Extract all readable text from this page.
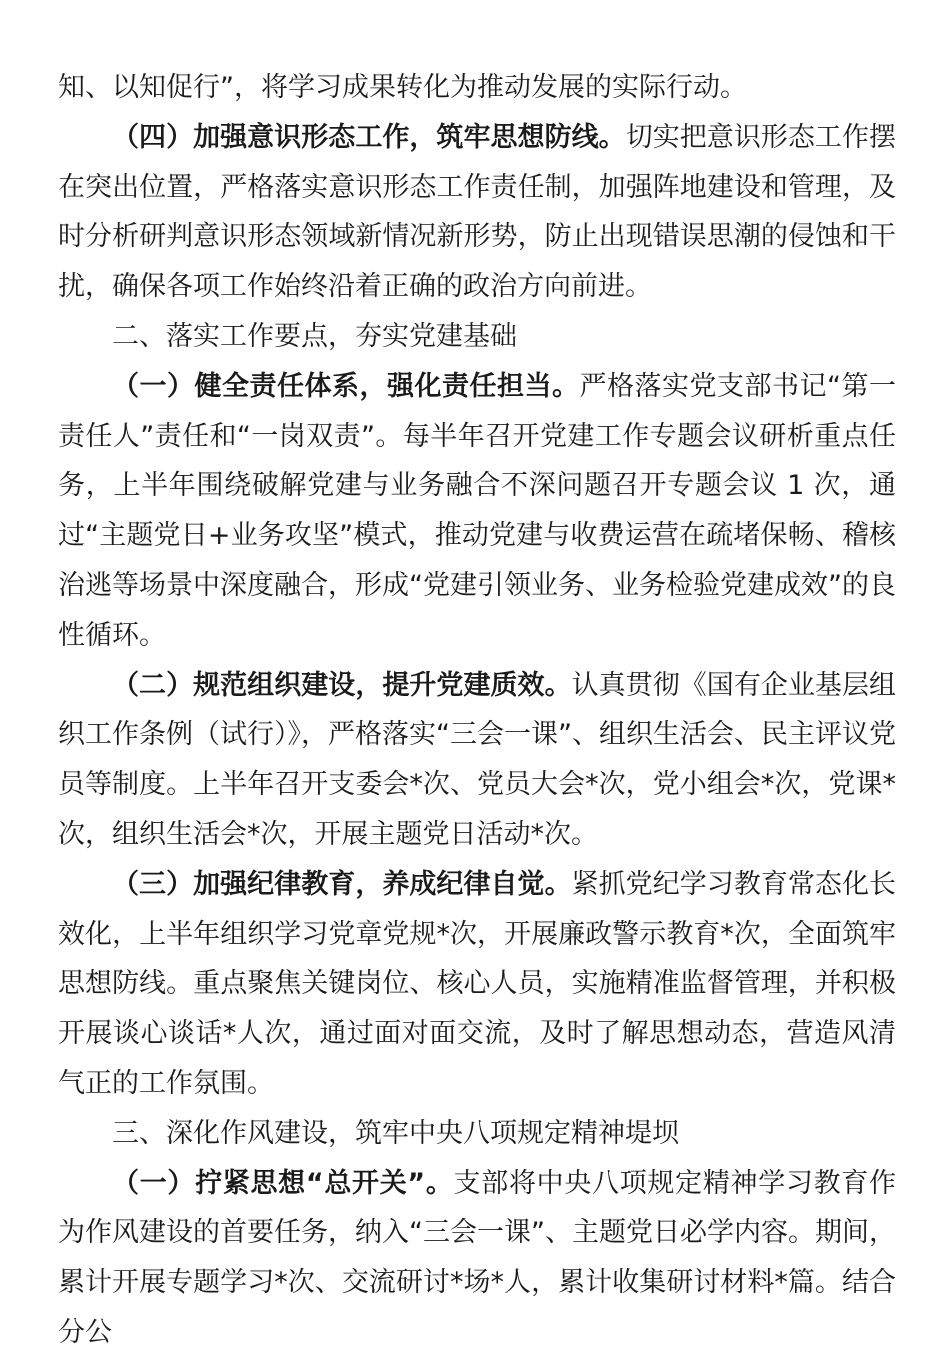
知、以知促行”，将学习成果转化为推动发展的实际行动。

（四）加强意识形态工作，筑牢思想防线。切实把意识形态工作摆在突出位置，严格落实意识形态工作责任制，加强阵地建设和管理，及时分析研判意识形态领域新情况新形势，防止出现错误思潮的侵蚀和干扰，确保各项工作始终沿着正确的政治方向前进。

二、落实工作要点，夯实党建基础

（一）健全责任体系，强化责任担当。严格落实党支部书记“第一责任人”责任和“一岗双责”。每半年召开党建工作专题会议研析重点任务，上半年围绕破解党建与业务融合不深问题召开专题会议 1 次，通过“主题党日+业务攻坚”模式，推动党建与收费运营在疏堵保畅、稽核治逃等场景中深度融合，形成“党建引领业务、业务检验党建成效”的良性循环。

（二）规范组织建设，提升党建质效。认真贯彻《国有企业基层组织工作条例（试行）》，严格落实“三会一课”、组织生活会、民主评议党员等制度。上半年召开支委会*次、党员大会*次，党小组会*次，党课*次，组织生活会*次，开展主题党日活动*次。

（三）加强纪律教育，养成纪律自觉。紧抓党纪学习教育常态化长效化，上半年组织学习党章党规*次，开展廉政警示教育*次，全面筑牢思想防线。重点聚焦关键岗位、核心人员，实施精准监督管理，并积极开展谈心谈话*人次，通过面对面交流，及时了解思想动态，营造风清气正的工作氛围。

三、深化作风建设，筑牢中央八项规定精神堤坝

（一）拧紧思想“总开关”。支部将中央八项规定精神学习教育作为作风建设的首要任务，纳入“三会一课”、主题党日必学内容。期间，累计开展专题学习*次、交流研讨*场*人，累计收集研讨材料*篇。结合分公
